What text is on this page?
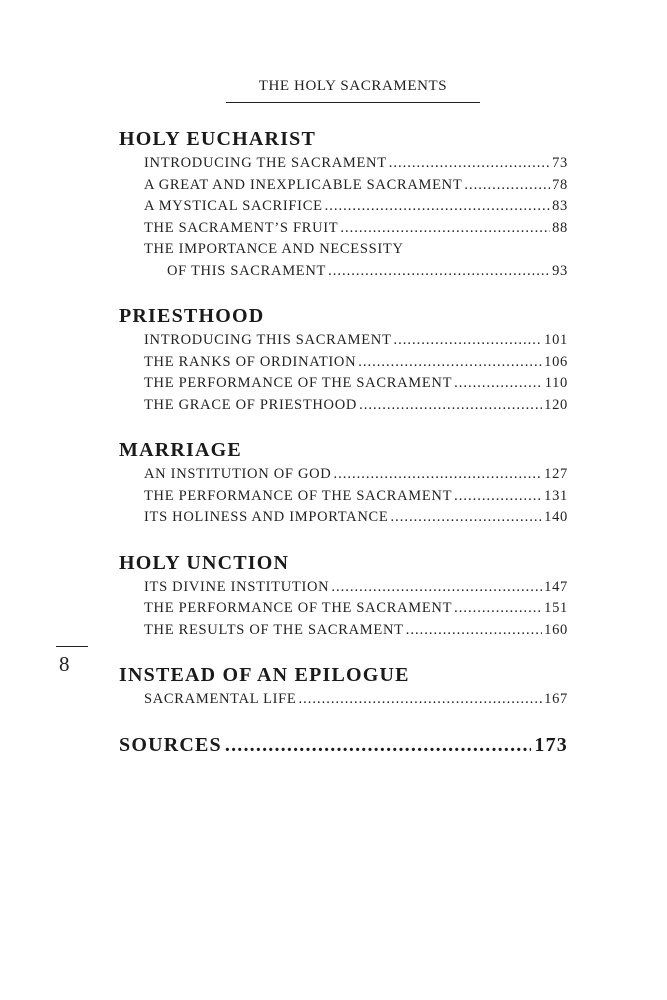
THE HOLY SACRAMENTS
HOLY EUCHARIST
INTRODUCING THE SACRAMENT .....	73
A GREAT AND INEXPLICABLE SACRAMENT .....	78
A MYSTICAL SACRIFICE .....	83
THE SACRAMENT’S FRUIT .....	88
THE IMPORTANCE AND NECESSITY
OF THIS SACRAMENT .....	93
PRIESTHOOD
INTRODUCING THIS SACRAMENT .....	101
THE RANKS OF ORDINATION .....	106
THE PERFORMANCE OF THE SACRAMENT .....	110
THE GRACE OF PRIESTHOOD .....	120
MARRIAGE
AN INSTITUTION OF GOD .....	127
THE PERFORMANCE OF THE SACRAMENT .....	131
ITS HOLINESS AND IMPORTANCE .....	140
HOLY UNCTION
ITS DIVINE INSTITUTION .....	147
THE PERFORMANCE OF THE SACRAMENT .....	151
THE RESULTS OF THE SACRAMENT .....	160
INSTEAD OF AN EPILOGUE
SACRAMENTAL LIFE .....	167
SOURCES .....	173
8
